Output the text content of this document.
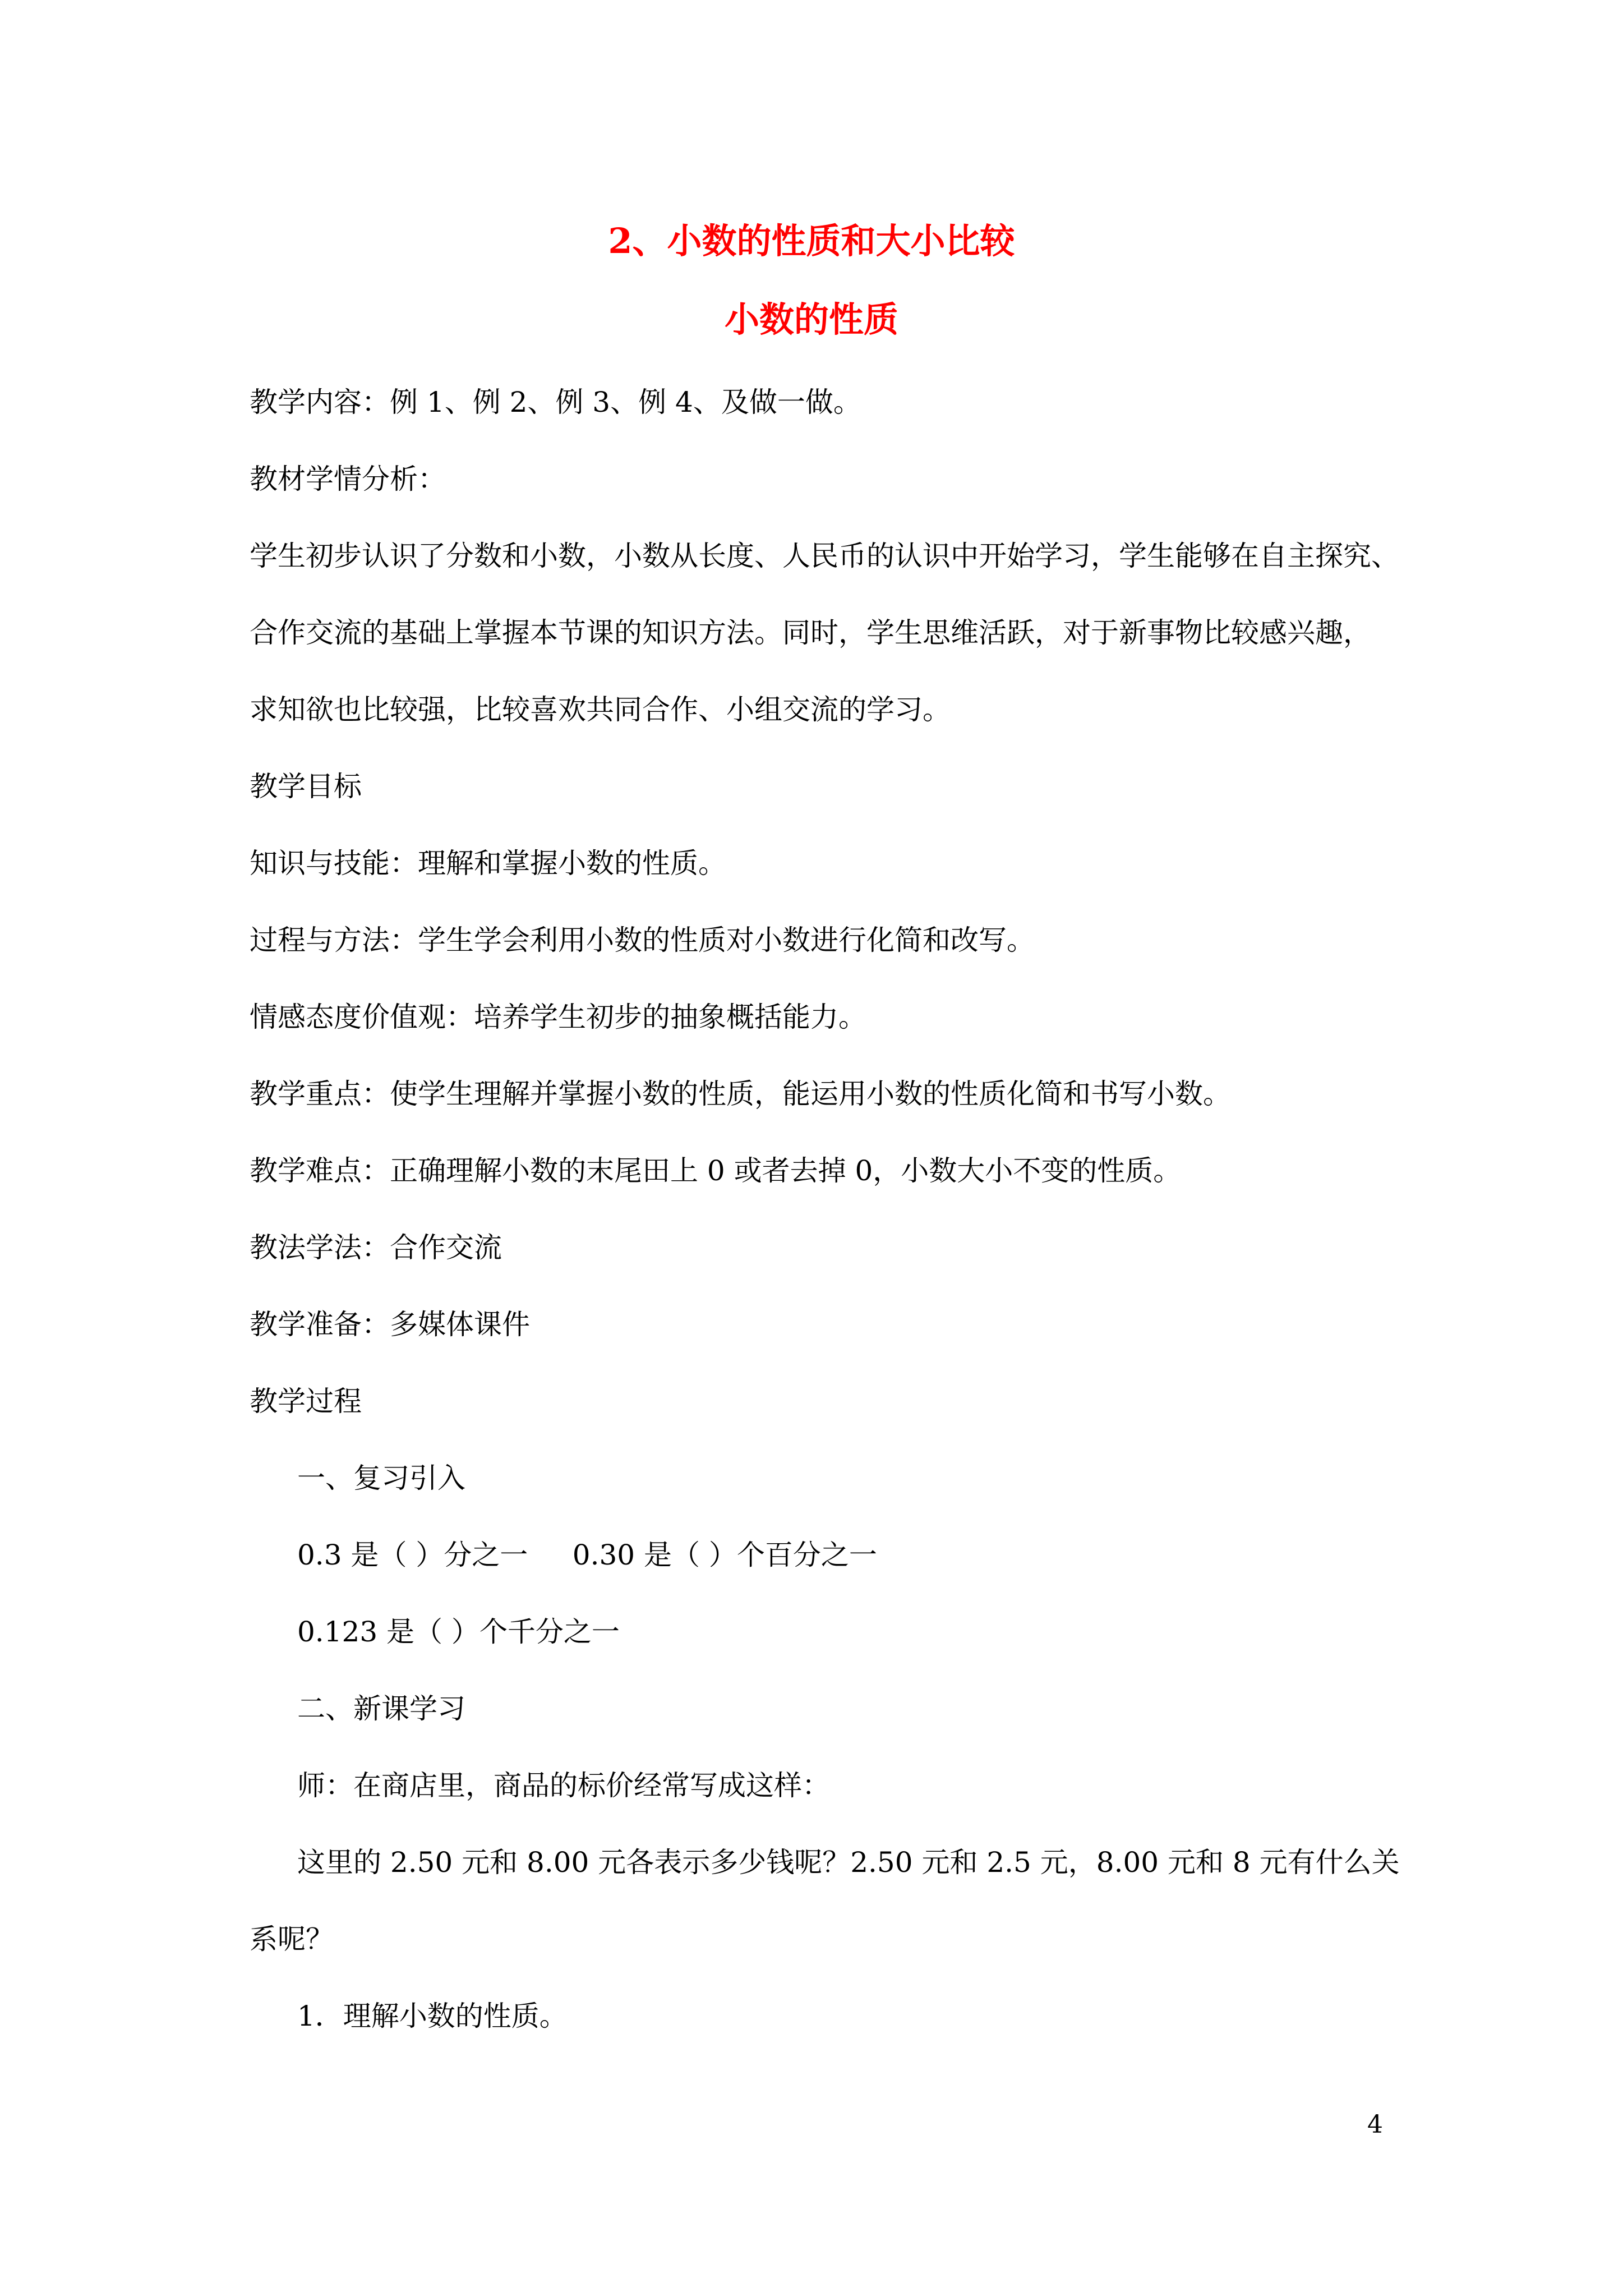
2、小数的性质和大小比较
小数的性质

教学内容：例 1、例 2、例 3、例 4、及做一做。

教材学情分析：

学生初步认识了分数和小数，小数从长度、人民币的认识中开始学习，学生能够在自主探究、
合作交流的基础上掌握本节课的知识方法。同时，学生思维活跃，对于新事物比较感兴趣，
求知欲也比较强，比较喜欢共同合作、小组交流的学习。

教学目标

知识与技能：理解和掌握小数的性质。

过程与方法：学生学会利用小数的性质对小数进行化简和改写。

情感态度价值观：培养学生初步的抽象概括能力。

教学重点：使学生理解并掌握小数的性质，能运用小数的性质化简和书写小数。

教学难点：正确理解小数的末尾田上 0 或者去掉 0，小数大小不变的性质。

教法学法：合作交流

教学准备：多媒体课件

教学过程

一、复习引入

0.3 是（ ）分之一     0.30 是（ ）个百分之一

0.123 是（ ）个千分之一

二、新课学习

师：在商店里，商品的标价经常写成这样：

这里的 2.50 元和 8.00 元各表示多少钱呢？2.50 元和 2.5 元，8.00 元和 8 元有什么关

系呢？

1．理解小数的性质。

4
